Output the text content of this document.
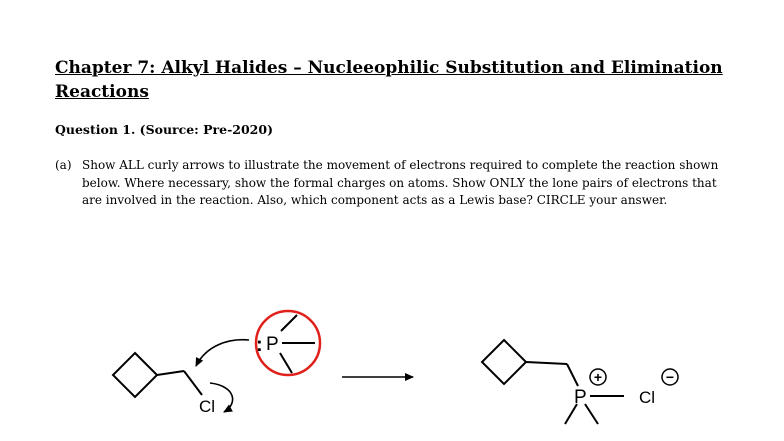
Chapter 7: Alkyl Halides – Nucleeophilic Substitution and Elimination Reactions
Question 1. (Source: Pre-2020)
(a) Show ALL curly arrows to illustrate the movement of electrons required to complete the reaction shown below. Where necessary, show the formal charges on atoms. Show ONLY the lone pairs of electrons that are involved in the reaction. Also, which component acts as a Lewis base? CIRCLE your answer.
Cl
: P
P
+
Cl
−
